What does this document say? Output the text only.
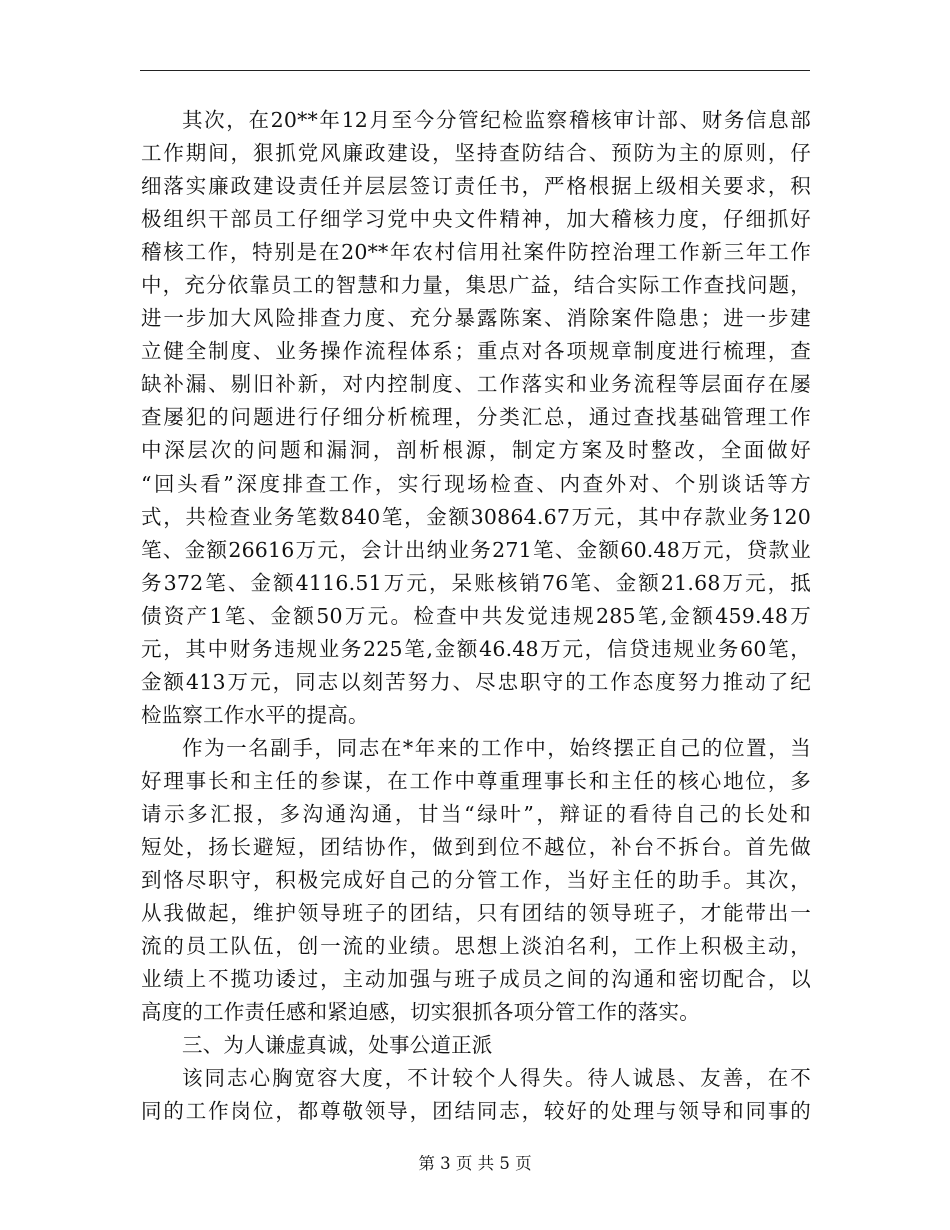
其次，在20**年12月至今分管纪检监察稽核审计部、财务信息部
工作期间，狠抓党风廉政建设，坚持查防结合、预防为主的原则，仔
细落实廉政建设责任并层层签订责任书，严格根据上级相关要求，积
极组织干部员工仔细学习党中央文件精神，加大稽核力度，仔细抓好
稽核工作，特别是在20**年农村信用社案件防控治理工作新三年工作
中，充分依靠员工的智慧和力量，集思广益，结合实际工作查找问题，
进一步加大风险排查力度、充分暴露陈案、消除案件隐患；进一步建
立健全制度、业务操作流程体系；重点对各项规章制度进行梳理，查
缺补漏、剔旧补新，对内控制度、工作落实和业务流程等层面存在屡
查屡犯的问题进行仔细分析梳理，分类汇总，通过查找基础管理工作
中深层次的问题和漏洞，剖析根源，制定方案及时整改，全面做好
“回头看”深度排查工作，实行现场检查、内查外对、个别谈话等方
式，共检查业务笔数840笔，金额30864.67万元，其中存款业务120
笔、金额26616万元，会计出纳业务271笔、金额60.48万元，贷款业
务372笔、金额4116.51万元，呆账核销76笔、金额21.68万元，抵
债资产1笔、金额50万元。检查中共发觉违规285笔,金额459.48万
元，其中财务违规业务225笔,金额46.48万元，信贷违规业务60笔，
金额413万元，同志以刻苦努力、尽忠职守的工作态度努力推动了纪
检监察工作水平的提高。
作为一名副手，同志在*年来的工作中，始终摆正自己的位置，当
好理事长和主任的参谋，在工作中尊重理事长和主任的核心地位，多
请示多汇报，多沟通沟通，甘当“绿叶”，辩证的看待自己的长处和
短处，扬长避短，团结协作，做到到位不越位，补台不拆台。首先做
到恪尽职守，积极完成好自己的分管工作，当好主任的助手。其次，
从我做起，维护领导班子的团结，只有团结的领导班子，才能带出一
流的员工队伍，创一流的业绩。思想上淡泊名利，工作上积极主动，
业绩上不揽功诿过，主动加强与班子成员之间的沟通和密切配合，以
高度的工作责任感和紧迫感，切实狠抓各项分管工作的落实。
三、为人谦虚真诚，处事公道正派
该同志心胸宽容大度，不计较个人得失。待人诚恳、友善，在不
同的工作岗位，都尊敬领导，团结同志，较好的处理与领导和同事的
第 3 页 共 5 页
